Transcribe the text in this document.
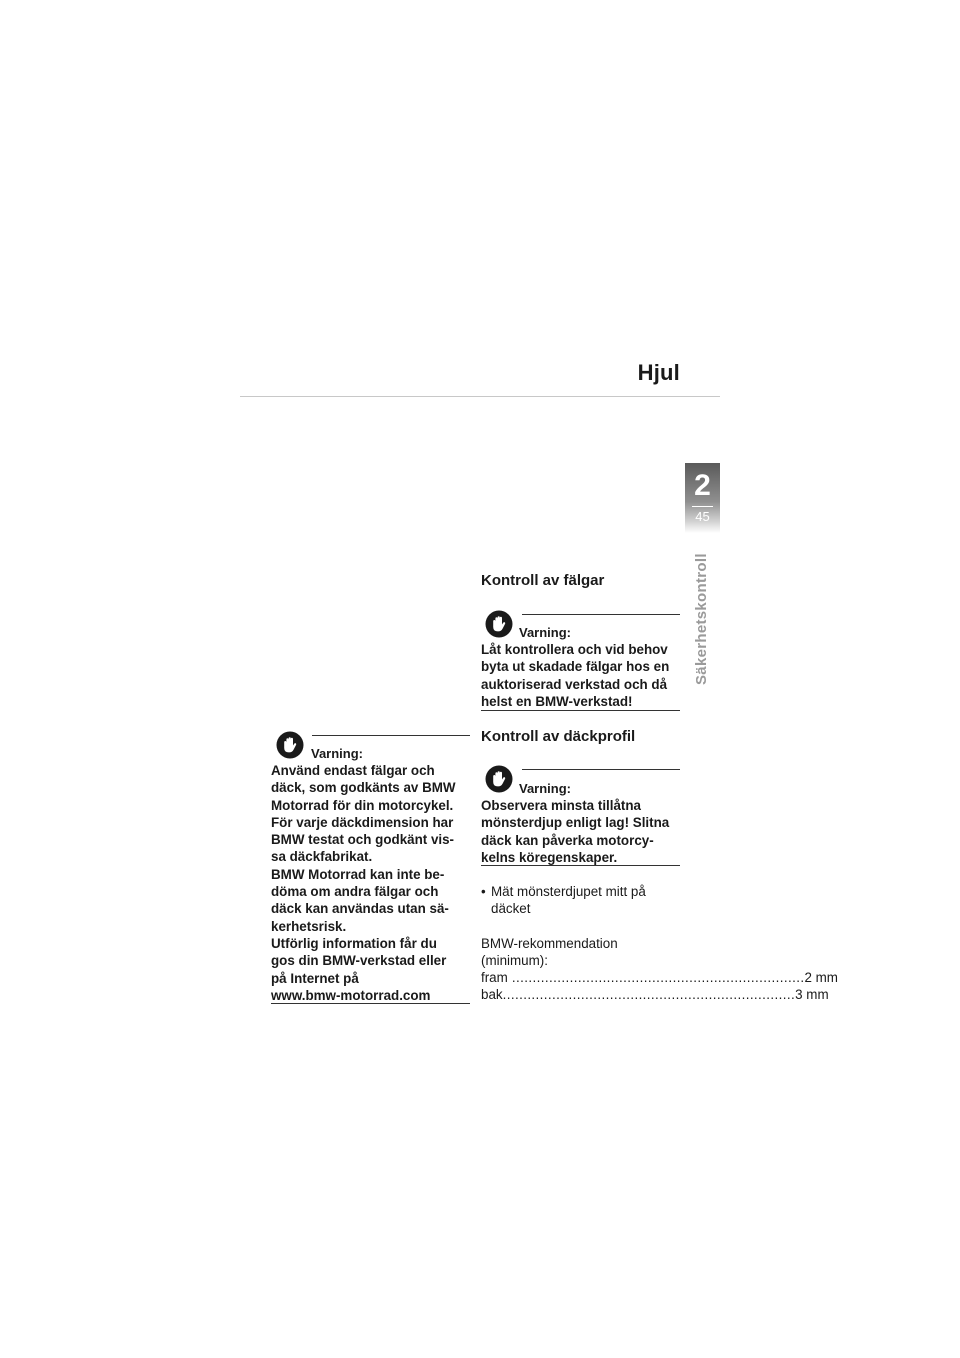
Hjul
2
45
Säkerhetskontroll
Varning:

Använd endast fälgar och
däck, som godkänts av BMW
Motorrad för din motorcykel.
För varje däckdimension har
BMW testat och godkänt vis-
sa däckfabrikat.
BMW Motorrad kan inte be-
döma om andra fälgar och
däck kan användas utan sä-
kerhetsrisk.
Utförlig information får du
gos din BMW-verkstad eller
på Internet på
www.bmw-motorrad.com

Kontroll av fälgar
Varning:

Låt kontrollera och vid behov
byta ut skadade fälgar hos en
auktoriserad verkstad och då
helst en BMW-verkstad!

Kontroll av däckprofil
Varning:

Observera minsta tillåtna
mönsterdjup enligt lag! Slitna
däck kan påverka motorcy-
kelns köregenskaper.

• Mät mönsterdjupet mitt på däcket

BMW-rekommendation (minimum):

fram ....................................................................... 2 mm
bak ....................................................................... 3 mm
